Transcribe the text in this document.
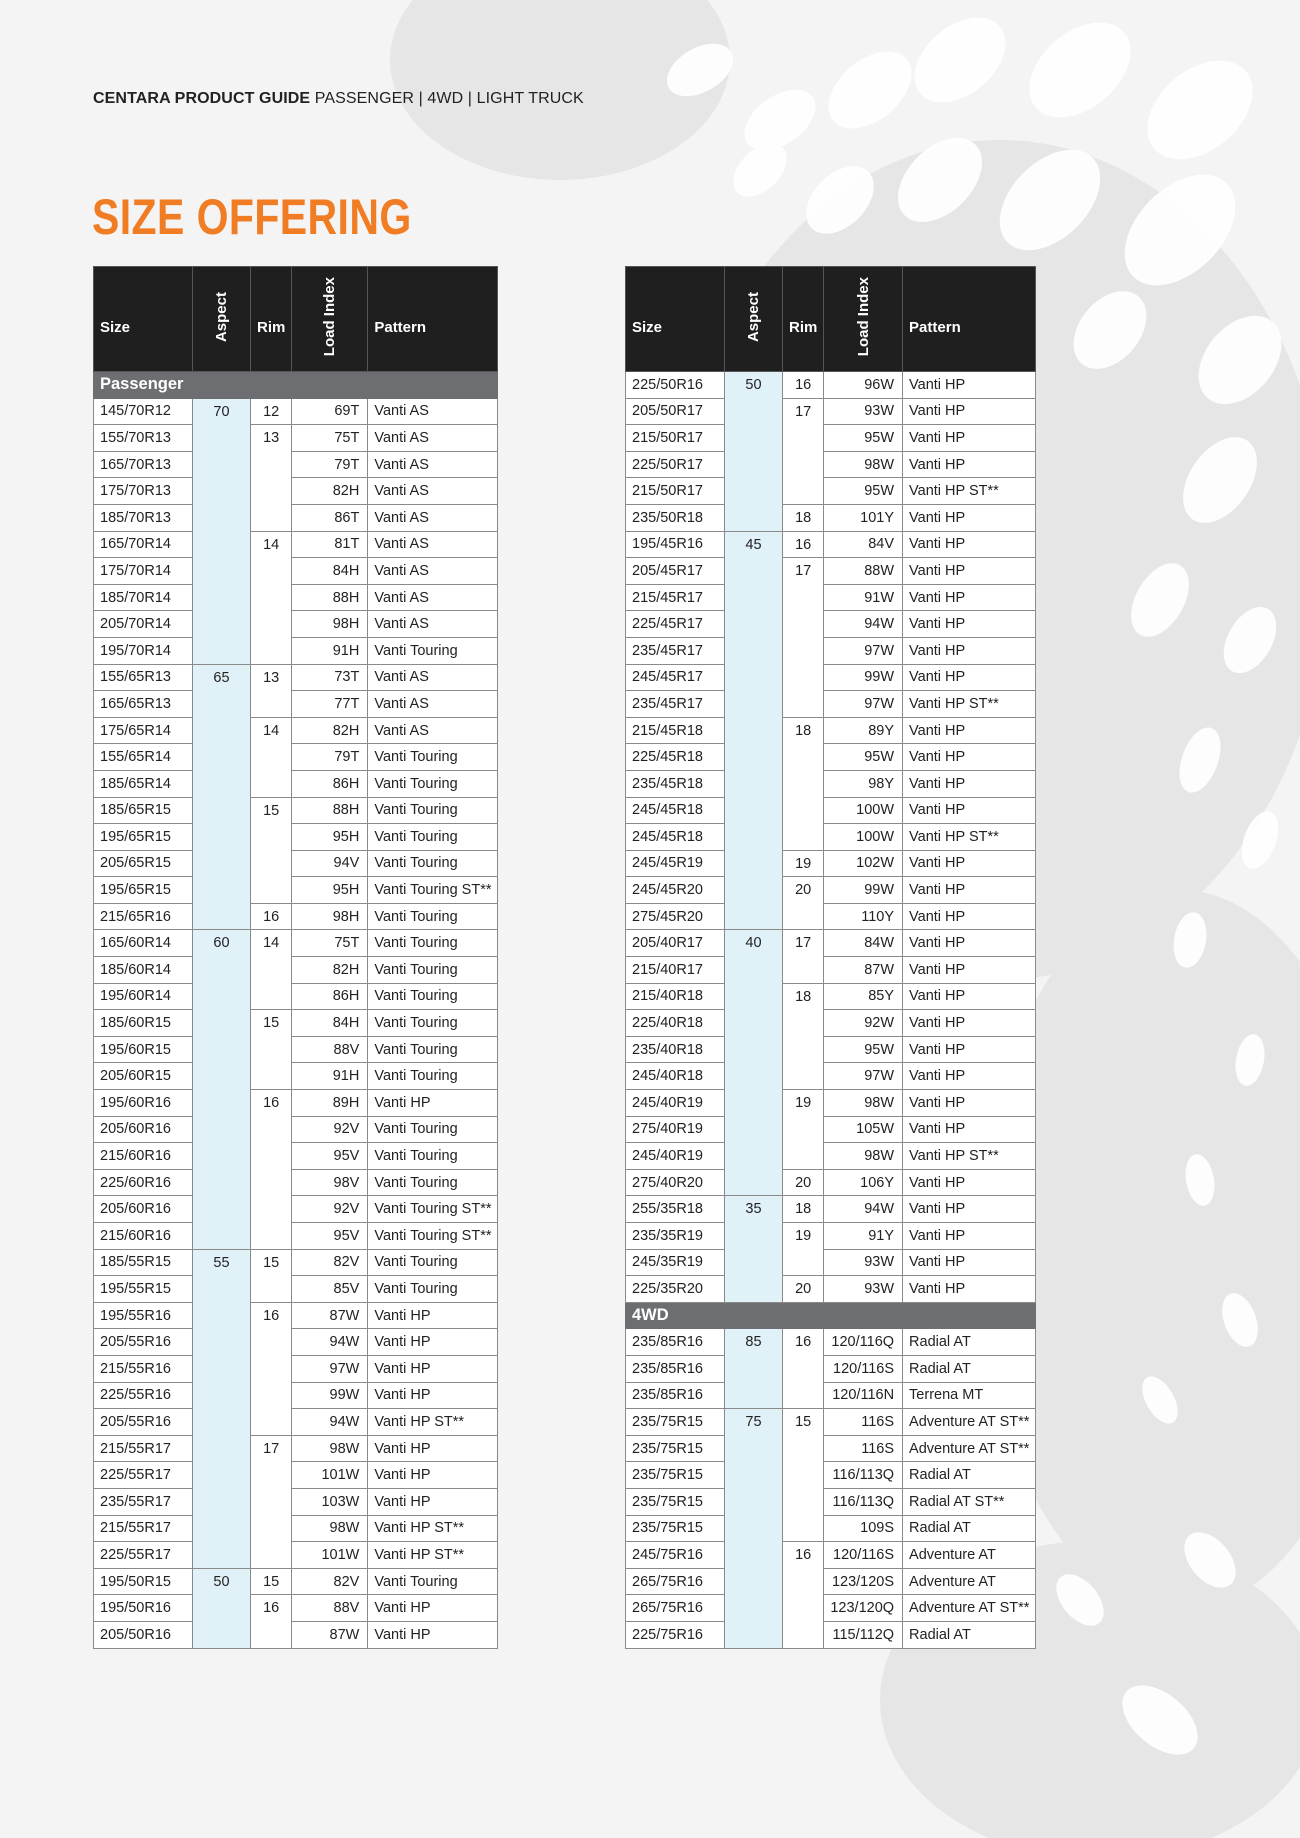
CENTARA PRODUCT GUIDE PASSENGER | 4WD | LIGHT TRUCK
SIZE OFFERING
Size	Aspect	Rim	Load Index	Pattern
Passenger				
145/70R12	70	12	69T	Vanti AS
155/70R13		13	75T	Vanti AS
165/70R13			79T	Vanti AS
175/70R13			82H	Vanti AS
185/70R13			86T	Vanti AS
165/70R14		14	81T	Vanti AS
175/70R14			84H	Vanti AS
185/70R14			88H	Vanti AS
205/70R14			98H	Vanti AS
195/70R14			91H	Vanti Touring
155/65R13	65	13	73T	Vanti AS
165/65R13			77T	Vanti AS
175/65R14		14	82H	Vanti AS
155/65R14			79T	Vanti Touring
185/65R14			86H	Vanti Touring
185/65R15		15	88H	Vanti Touring
195/65R15			95H	Vanti Touring
205/65R15			94V	Vanti Touring
195/65R15			95H	Vanti Touring ST**
215/65R16		16	98H	Vanti Touring
165/60R14	60	14	75T	Vanti Touring
185/60R14			82H	Vanti Touring
195/60R14			86H	Vanti Touring
185/60R15		15	84H	Vanti Touring
195/60R15			88V	Vanti Touring
205/60R15			91H	Vanti Touring
195/60R16		16	89H	Vanti HP
205/60R16			92V	Vanti Touring
215/60R16			95V	Vanti Touring
225/60R16			98V	Vanti Touring
205/60R16			92V	Vanti Touring ST**
215/60R16			95V	Vanti Touring ST**
185/55R15	55	15	82V	Vanti Touring
195/55R15			85V	Vanti Touring
195/55R16		16	87W	Vanti HP
205/55R16			94W	Vanti HP
215/55R16			97W	Vanti HP
225/55R16			99W	Vanti HP
205/55R16			94W	Vanti HP ST**
215/55R17		17	98W	Vanti HP
225/55R17			101W	Vanti HP
235/55R17			103W	Vanti HP
215/55R17			98W	Vanti HP ST**
225/55R17			101W	Vanti HP ST**
195/50R15	50	15	82V	Vanti Touring
195/50R16		16	88V	Vanti HP
205/50R16			87W	Vanti HP
Size	Aspect	Rim	Load Index	Pattern
225/50R16	50	16	96W	Vanti HP
205/50R17		17	93W	Vanti HP
215/50R17			95W	Vanti HP
225/50R17			98W	Vanti HP
215/50R17			95W	Vanti HP ST**
235/50R18		18	101Y	Vanti HP
195/45R16	45	16	84V	Vanti HP
205/45R17		17	88W	Vanti HP
215/45R17			91W	Vanti HP
225/45R17			94W	Vanti HP
235/45R17			97W	Vanti HP
245/45R17			99W	Vanti HP
235/45R17			97W	Vanti HP ST**
215/45R18		18	89Y	Vanti HP
225/45R18			95W	Vanti HP
235/45R18			98Y	Vanti HP
245/45R18			100W	Vanti HP
245/45R18			100W	Vanti HP ST**
245/45R19		19	102W	Vanti HP
245/45R20		20	99W	Vanti HP
275/45R20			110Y	Vanti HP
205/40R17	40	17	84W	Vanti HP
215/40R17			87W	Vanti HP
215/40R18		18	85Y	Vanti HP
225/40R18			92W	Vanti HP
235/40R18			95W	Vanti HP
245/40R18			97W	Vanti HP
245/40R19		19	98W	Vanti HP
275/40R19			105W	Vanti HP
245/40R19			98W	Vanti HP ST**
275/40R20		20	106Y	Vanti HP
255/35R18	35	18	94W	Vanti HP
235/35R19		19	91Y	Vanti HP
245/35R19			93W	Vanti HP
225/35R20		20	93W	Vanti HP
4WD				
235/85R16	85	16	120/116Q	Radial AT
235/85R16			120/116S	Radial AT
235/85R16			120/116N	Terrena MT
235/75R15	75	15	116S	Adventure AT ST**
235/75R15			116S	Adventure AT ST**
235/75R15			116/113Q	Radial AT
235/75R15			116/113Q	Radial AT ST**
235/75R15			109S	Radial AT
245/75R16		16	120/116S	Adventure AT
265/75R16			123/120S	Adventure AT
265/75R16			123/120Q	Adventure AT ST**
225/75R16			115/112Q	Radial AT
